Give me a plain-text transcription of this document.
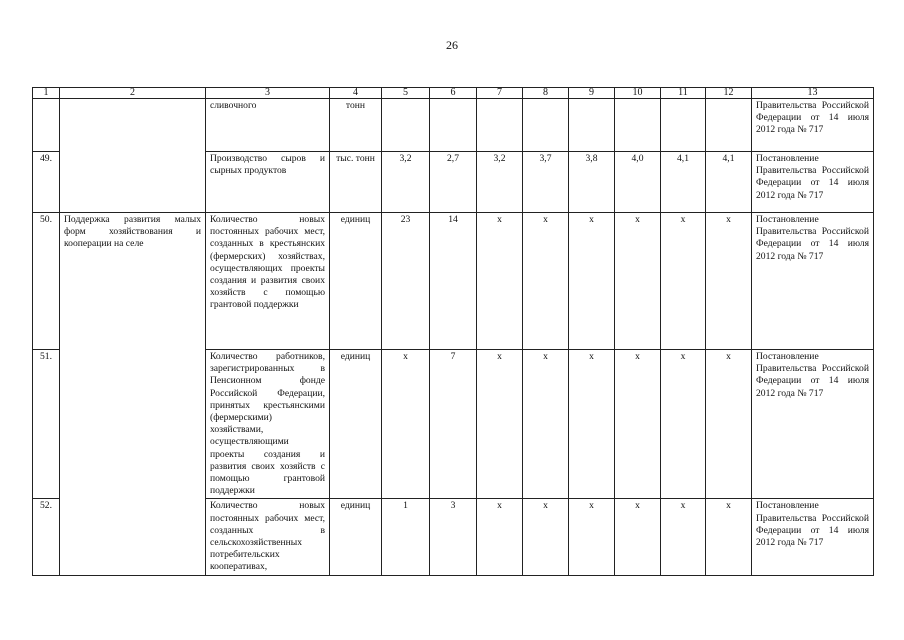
26
1	2	3	4	5	6	7	8	9	10	11	12	13
		сливочного	тонн									Правительства Российской Федерации от 14 июля 2012 года № 717
49.		Производство сыров и сырных продуктов	тыс. тонн	3,2	2,7	3,2	3,7	3,8	4,0	4,1	4,1	Постановление Правительства Российской Федерации от 14 июля 2012 года № 717
50.	Поддержка развития малых форм хозяйствования и кооперации на селе	Количество новых постоянных рабочих мест, созданных в крестьянских (фермерских) хозяйствах, осуществляющих проекты создания и развития своих хозяйств с помощью грантовой поддержки	единиц	23	14	х	х	х	х	х	х	Постановление Правительства Российской Федерации от 14 июля 2012 года № 717
51.		Количество работников, зарегистрированных в Пенсионном фонде Российской Федерации, принятых крестьянскими (фермерскими) хозяйствами, осуществляющими проекты создания и развития своих хозяйств с помощью грантовой поддержки	единиц	х	7	х	х	х	х	х	х	Постановление Правительства Российской Федерации от 14 июля 2012 года № 717
52.		Количество новых постоянных рабочих мест, созданных в сельскохозяйственных потребительских кооперативах,	единиц	1	3	х	х	х	х	х	х	Постановление Правительства Российской Федерации от 14 июля 2012 года № 717
